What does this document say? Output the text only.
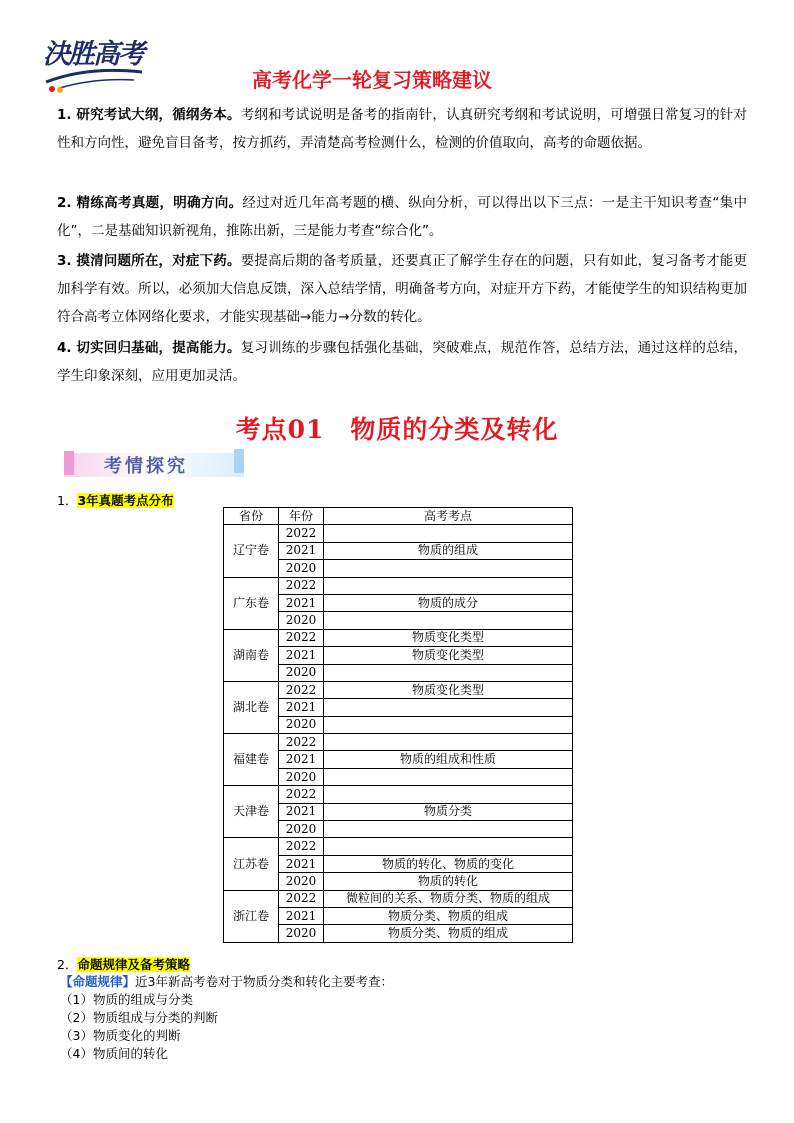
決胜高考
高考化学一轮复习策略建议

1. 研究考试大纲，循纲务本。考纲和考试说明是备考的指南针，认真研究考纲和考试说明，可增强日常复习的针对性和方向性，避免盲目备考，按方抓药，弄清楚高考检测什么，检测的价值取向，高考的命题依据。

2. 精练高考真题，明确方向。经过对近几年高考题的横、纵向分析，可以得出以下三点：一是主干知识考查“集中化”，二是基础知识新视角，推陈出新，三是能力考查“综合化”。

3. 摸清问题所在，对症下药。要提高后期的备考质量，还要真正了解学生存在的问题，只有如此，复习备考才能更加科学有效。所以，必须加大信息反馈，深入总结学情，明确备考方向，对症开方下药，才能使学生的知识结构更加符合高考立体网络化要求，才能实现基础→能力→分数的转化。

4. 切实回归基础，提高能力。复习训练的步骤包括强化基础，突破难点，规范作答，总结方法，通过这样的总结，学生印象深刻，应用更加灵活。

考点01　物质的分类及转化
考情探究
1．3年真题考点分布
省份	年份	高考考点
辽宁卷	2022	
	2021	物质的组成
	2020	
广东卷	2022	
	2021	物质的成分
	2020	
湖南卷	2022	物质变化类型
	2021	物质变化类型
	2020	
湖北卷	2022	物质变化类型
	2021	
	2020	
福建卷	2022	
	2021	物质的组成和性质
	2020	
天津卷	2022	
	2021	物质分类
	2020	
江苏卷	2022	
	2021	物质的转化、物质的变化
	2020	物质的转化
浙江卷	2022	微粒间的关系、物质分类、物质的组成
	2021	物质分类、物质的组成
	2020	物质分类、物质的组成
2．命题规律及备考策略
【命题规律】近3年新高考卷对于物质分类和转化主要考查：
（1）物质的组成与分类
（2）物质组成与分类的判断
（3）物质变化的判断
（4）物质间的转化
